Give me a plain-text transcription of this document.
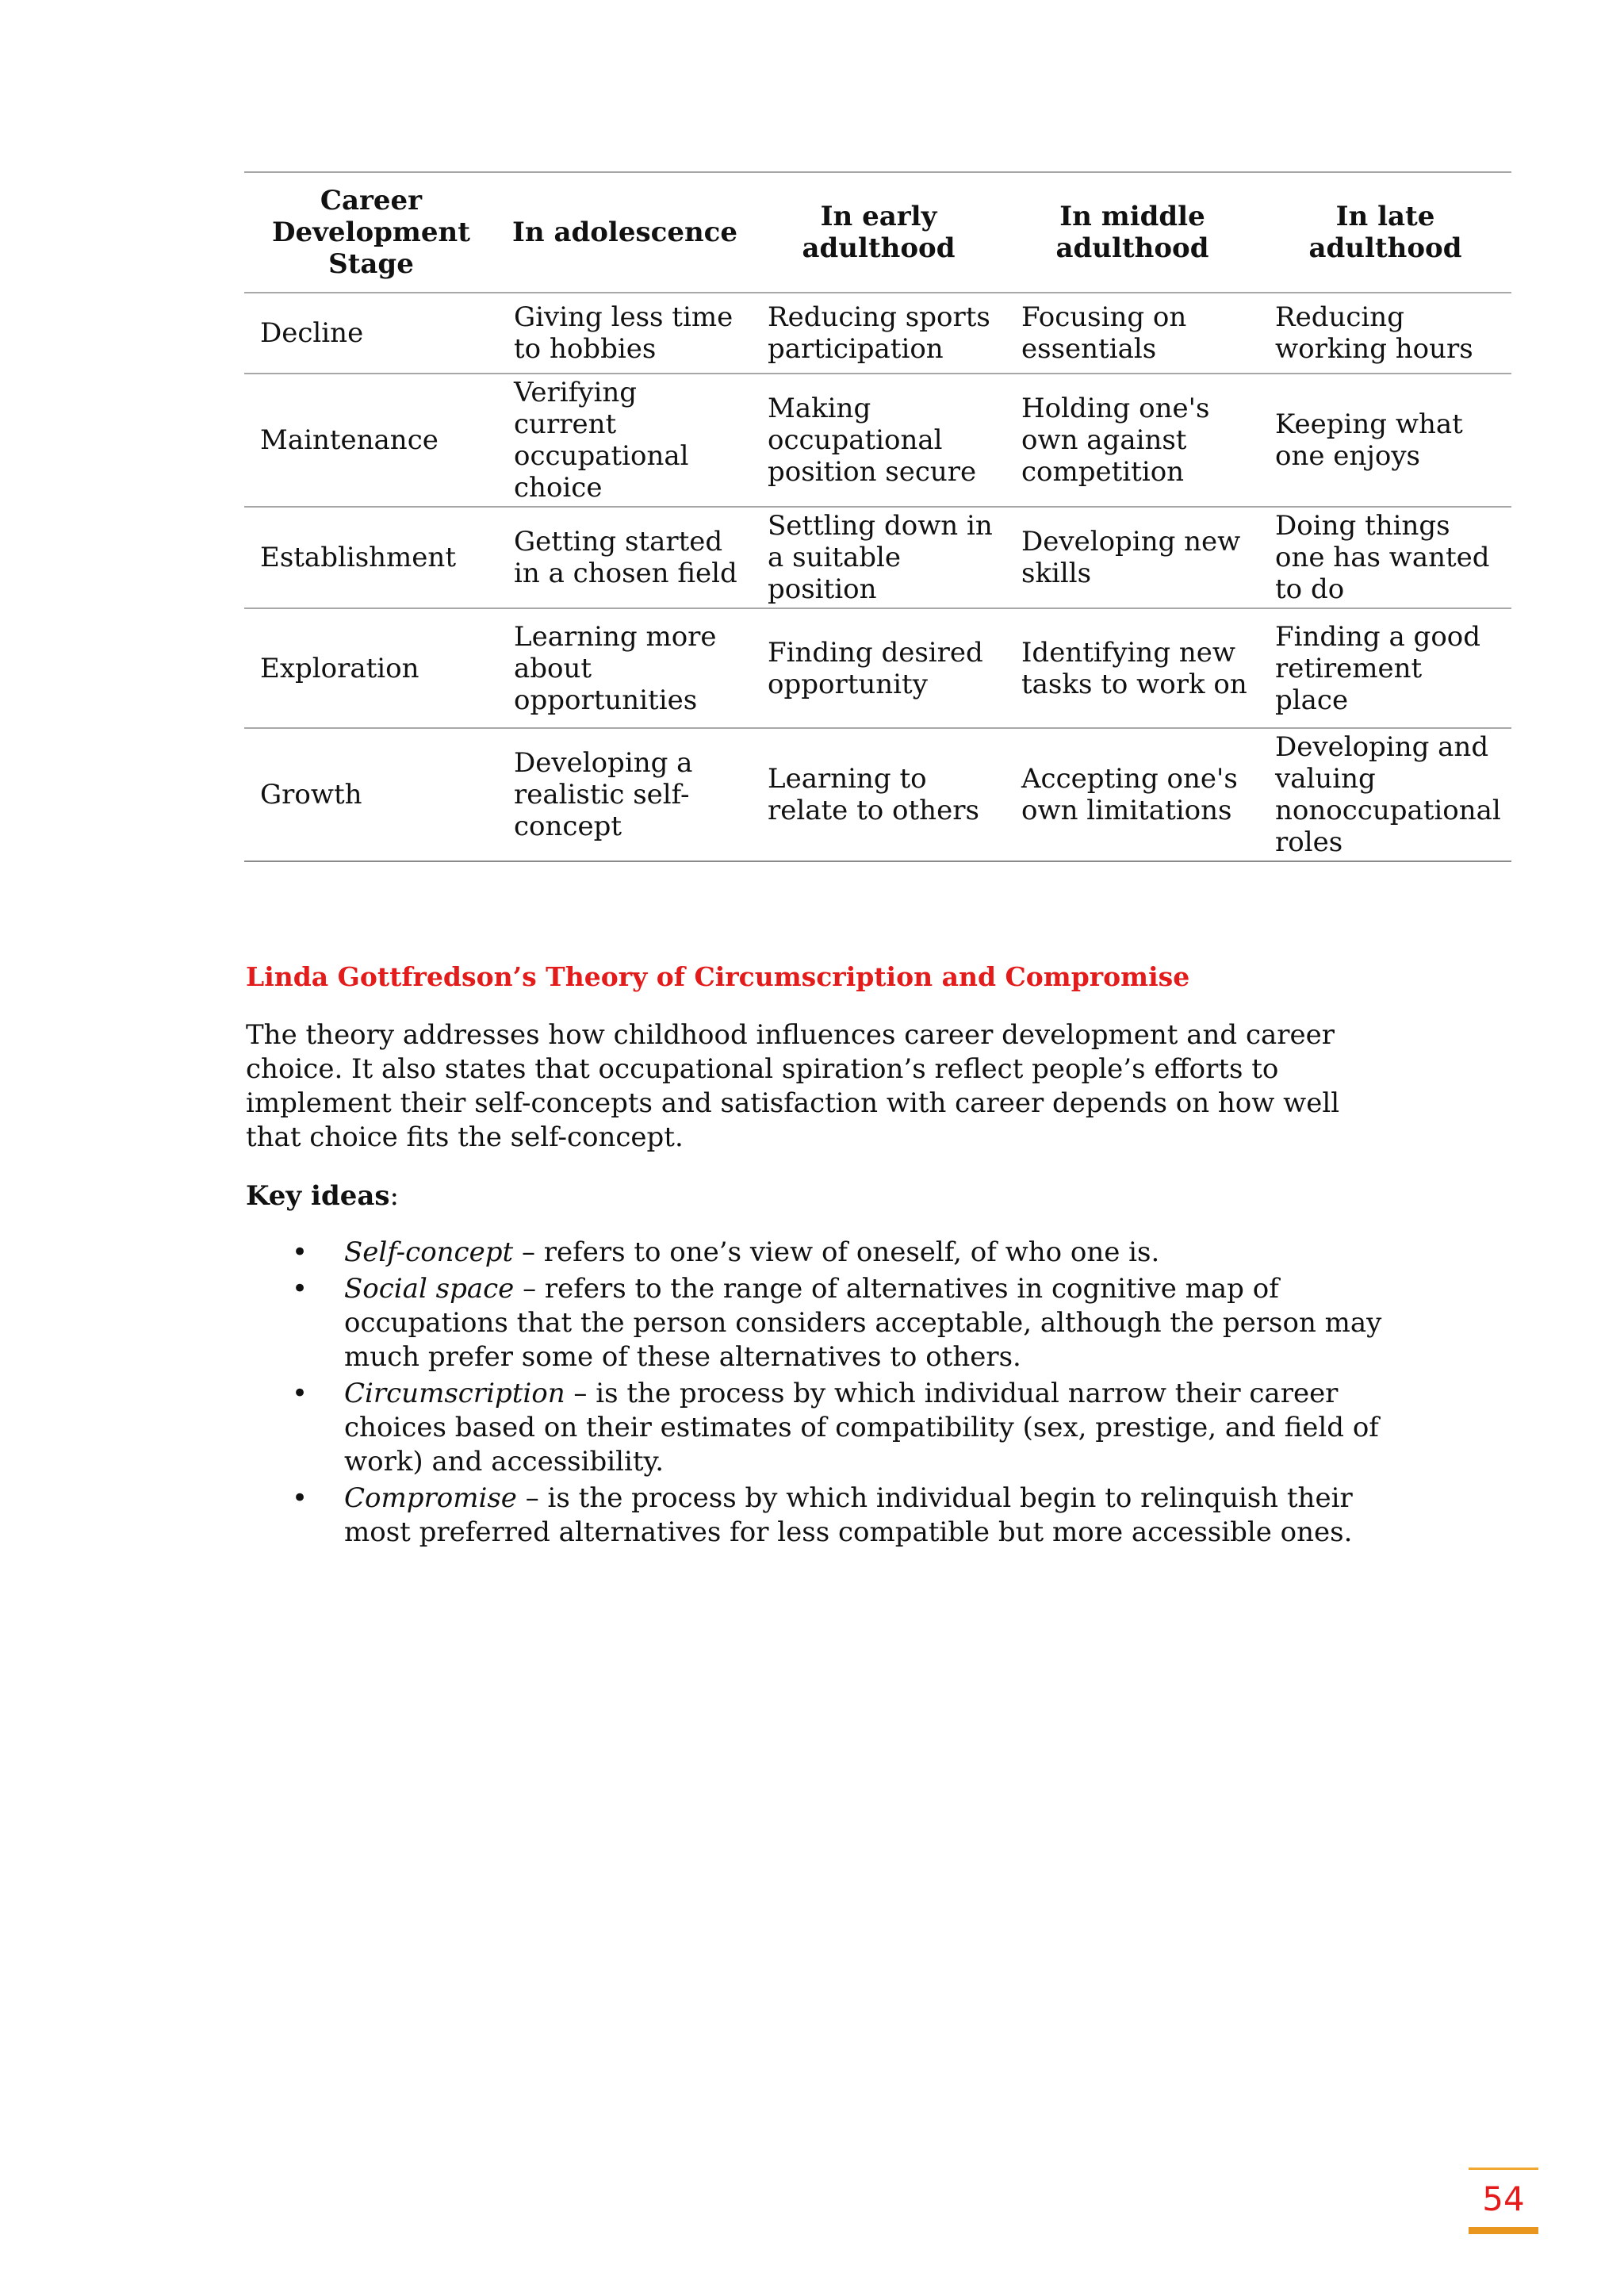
Career Development Stage	In adolescence	In early adulthood	In middle adulthood	In late adulthood
Decline	Giving less time to hobbies	Reducing sports participation	Focusing on essentials	Reducing working hours
Maintenance	Verifying current occupational choice	Making occupational position secure	Holding one's own against competition	Keeping what one enjoys
Establishment	Getting started in a chosen field	Settling down in a suitable position	Developing new skills	Doing things one has wanted to do
Exploration	Learning more about opportunities	Finding desired opportunity	Identifying new tasks to work on	Finding a good retirement place
Growth	Developing a realistic self-concept	Learning to relate to others	Accepting one's own limitations	Developing and valuing nonoccupational roles
Linda Gottfredson’s Theory of Circumscription and Compromise

The theory addresses how childhood influences career development and career choice. It also states that occupational spiration’s reflect people’s efforts to implement their self-concepts and satisfaction with career depends on how well that choice fits the self-concept.

Key ideas:

• Self-concept – refers to one’s view of oneself, of who one is.
• Social space – refers to the range of alternatives in cognitive map of occupations that the person considers acceptable, although the person may much prefer some of these alternatives to others.
• Circumscription – is the process by which individual narrow their career choices based on their estimates of compatibility (sex, prestige, and field of work) and accessibility.
• Compromise – is the process by which individual begin to relinquish their most preferred alternatives for less compatible but more accessible ones.
54
